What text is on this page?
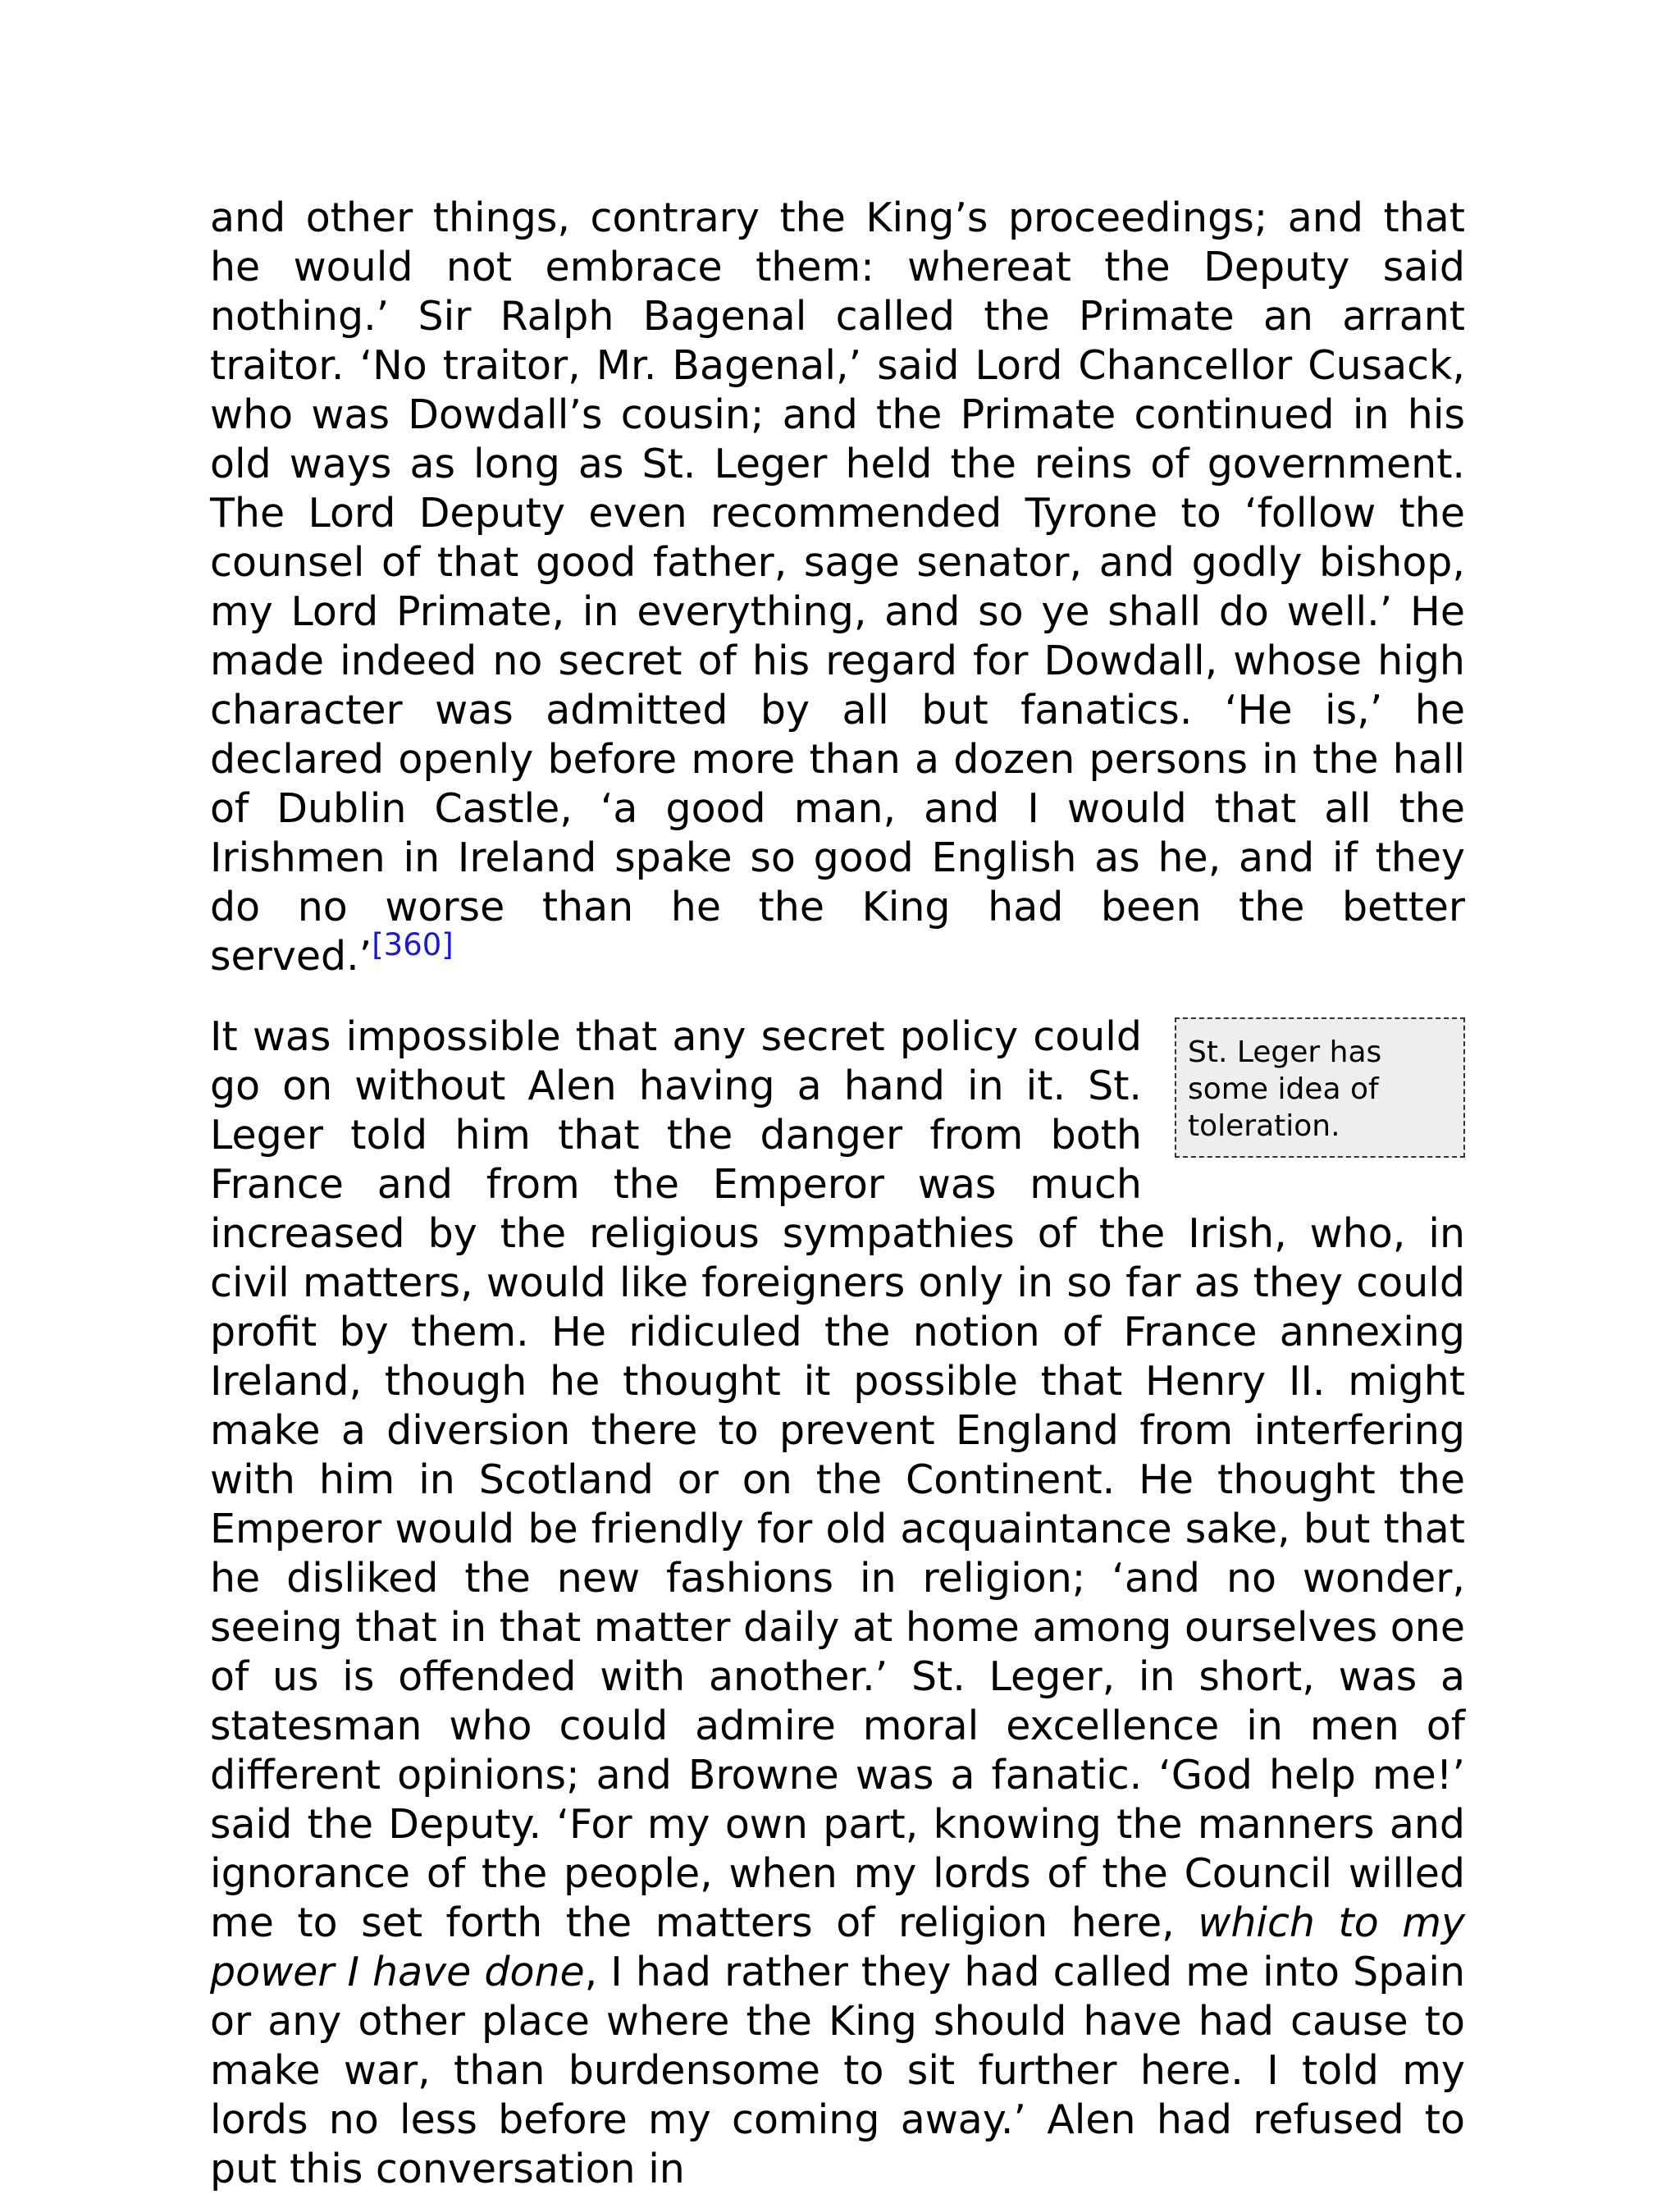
and other things, contrary the King’s proceedings; and that he would not embrace them: whereat the Deputy said nothing.’ Sir Ralph Bagenal called the Primate an arrant traitor. ‘No traitor, Mr. Bagenal,’ said Lord Chancellor Cusack, who was Dowdall’s cousin; and the Primate continued in his old ways as long as St. Leger held the reins of government. The Lord Deputy even recommended Tyrone to ‘follow the counsel of that good father, sage senator, and godly bishop, my Lord Primate, in everything, and so ye shall do well.’ He made indeed no secret of his regard for Dowdall, whose high character was admitted by all but fanatics. ‘He is,’ he declared openly before more than a dozen persons in the hall of Dublin Castle, ‘a good man, and I would that all the Irishmen in Ireland spake so good English as he, and if they do no worse than he the King had been the better served.’[360]

St. Leger has some idea of toleration.
It was impossible that any secret policy could go on without Alen having a hand in it. St. Leger told him that the danger from both France and from the Emperor was much increased by the religious sympathies of the Irish, who, in civil matters, would like foreigners only in so far as they could profit by them. He ridiculed the notion of France annexing Ireland, though he thought it possible that Henry II. might make a diversion there to prevent England from interfering with him in Scotland or on the Continent. He thought the Emperor would be friendly for old acquaintance sake, but that he disliked the new fashions in religion; ‘and no wonder, seeing that in that matter daily at home among ourselves one of us is offended with another.’ St. Leger, in short, was a statesman who could admire moral excellence in men of different opinions; and Browne was a fanatic. ‘God help me!’ said the Deputy. ‘For my own part, knowing the manners and ignorance of the people, when my lords of the Council willed me to set forth the matters of religion here, which to my power I have done, I had rather they had called me into Spain or any other place where the King should have had cause to make war, than burdensome to sit further here. I told my lords no less before my coming away.’ Alen had refused to put this conversation in
